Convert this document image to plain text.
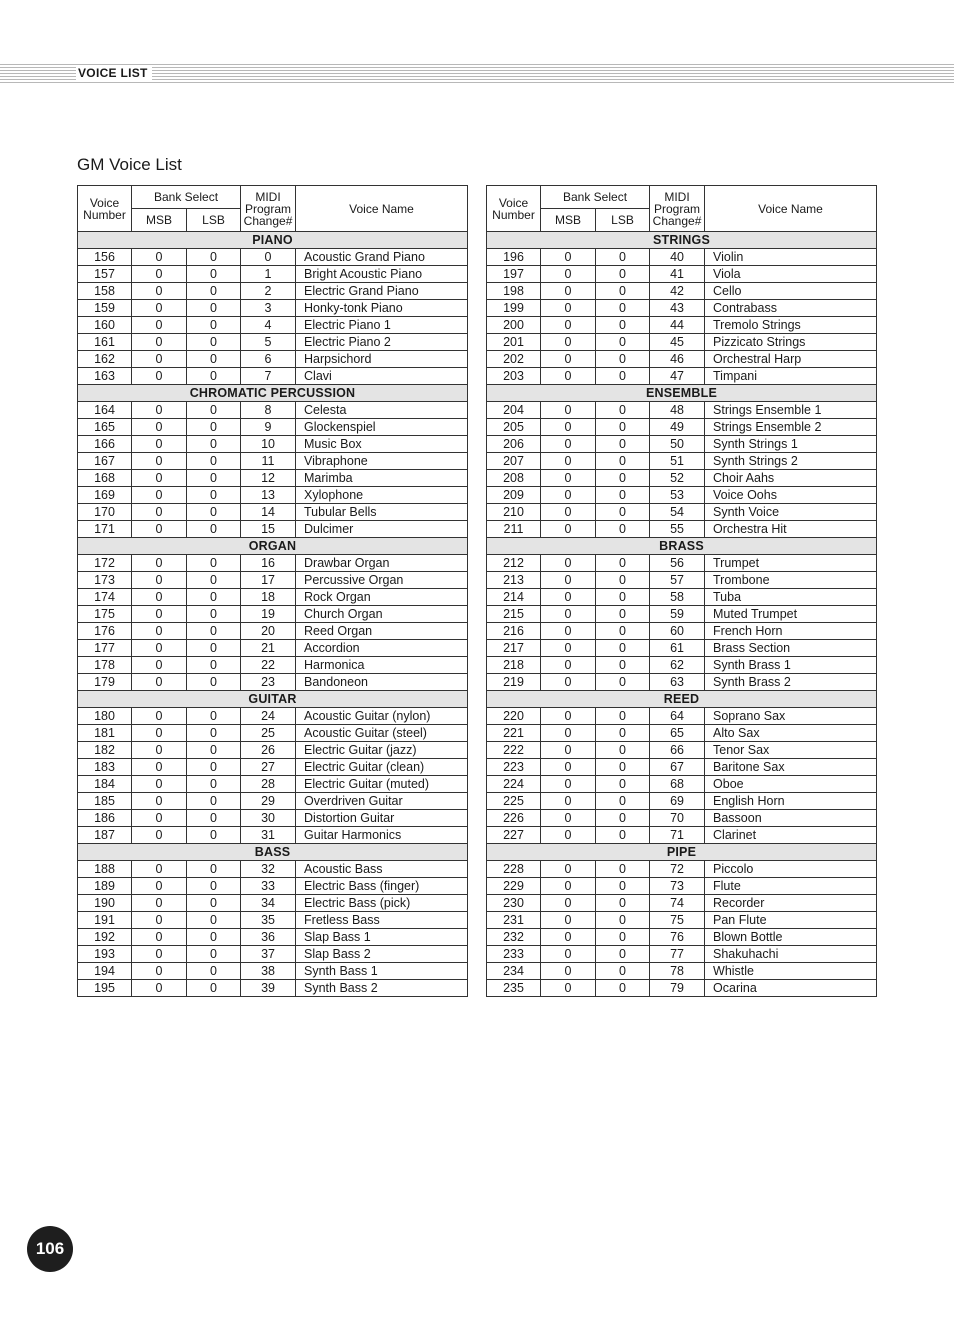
VOICE LIST
GM Voice List
Voice Number	Bank Select		MIDI Program Change#	Voice Name
	MSB	LSB		
PIANO				
156	0	0	0	Acoustic Grand Piano
157	0	0	1	Bright Acoustic Piano
158	0	0	2	Electric Grand Piano
159	0	0	3	Honky-tonk Piano
160	0	0	4	Electric Piano 1
161	0	0	5	Electric Piano 2
162	0	0	6	Harpsichord
163	0	0	7	Clavi
CHROMATIC PERCUSSION				
164	0	0	8	Celesta
165	0	0	9	Glockenspiel
166	0	0	10	Music Box
167	0	0	11	Vibraphone
168	0	0	12	Marimba
169	0	0	13	Xylophone
170	0	0	14	Tubular Bells
171	0	0	15	Dulcimer
ORGAN				
172	0	0	16	Drawbar Organ
173	0	0	17	Percussive Organ
174	0	0	18	Rock Organ
175	0	0	19	Church Organ
176	0	0	20	Reed Organ
177	0	0	21	Accordion
178	0	0	22	Harmonica
179	0	0	23	Bandoneon
GUITAR				
180	0	0	24	Acoustic Guitar (nylon)
181	0	0	25	Acoustic Guitar (steel)
182	0	0	26	Electric Guitar (jazz)
183	0	0	27	Electric Guitar (clean)
184	0	0	28	Electric Guitar (muted)
185	0	0	29	Overdriven Guitar
186	0	0	30	Distortion Guitar
187	0	0	31	Guitar Harmonics
BASS				
188	0	0	32	Acoustic Bass
189	0	0	33	Electric Bass (finger)
190	0	0	34	Electric Bass (pick)
191	0	0	35	Fretless Bass
192	0	0	36	Slap Bass 1
193	0	0	37	Slap Bass 2
194	0	0	38	Synth Bass 1
195	0	0	39	Synth Bass 2
Voice Number	Bank Select		MIDI Program Change#	Voice Name
	MSB	LSB		
STRINGS				
196	0	0	40	Violin
197	0	0	41	Viola
198	0	0	42	Cello
199	0	0	43	Contrabass
200	0	0	44	Tremolo Strings
201	0	0	45	Pizzicato Strings
202	0	0	46	Orchestral Harp
203	0	0	47	Timpani
ENSEMBLE				
204	0	0	48	Strings Ensemble 1
205	0	0	49	Strings Ensemble 2
206	0	0	50	Synth Strings 1
207	0	0	51	Synth Strings 2
208	0	0	52	Choir Aahs
209	0	0	53	Voice Oohs
210	0	0	54	Synth Voice
211	0	0	55	Orchestra Hit
BRASS				
212	0	0	56	Trumpet
213	0	0	57	Trombone
214	0	0	58	Tuba
215	0	0	59	Muted Trumpet
216	0	0	60	French Horn
217	0	0	61	Brass Section
218	0	0	62	Synth Brass 1
219	0	0	63	Synth Brass 2
REED				
220	0	0	64	Soprano Sax
221	0	0	65	Alto Sax
222	0	0	66	Tenor Sax
223	0	0	67	Baritone Sax
224	0	0	68	Oboe
225	0	0	69	English Horn
226	0	0	70	Bassoon
227	0	0	71	Clarinet
PIPE				
228	0	0	72	Piccolo
229	0	0	73	Flute
230	0	0	74	Recorder
231	0	0	75	Pan Flute
232	0	0	76	Blown Bottle
233	0	0	77	Shakuhachi
234	0	0	78	Whistle
235	0	0	79	Ocarina
106
